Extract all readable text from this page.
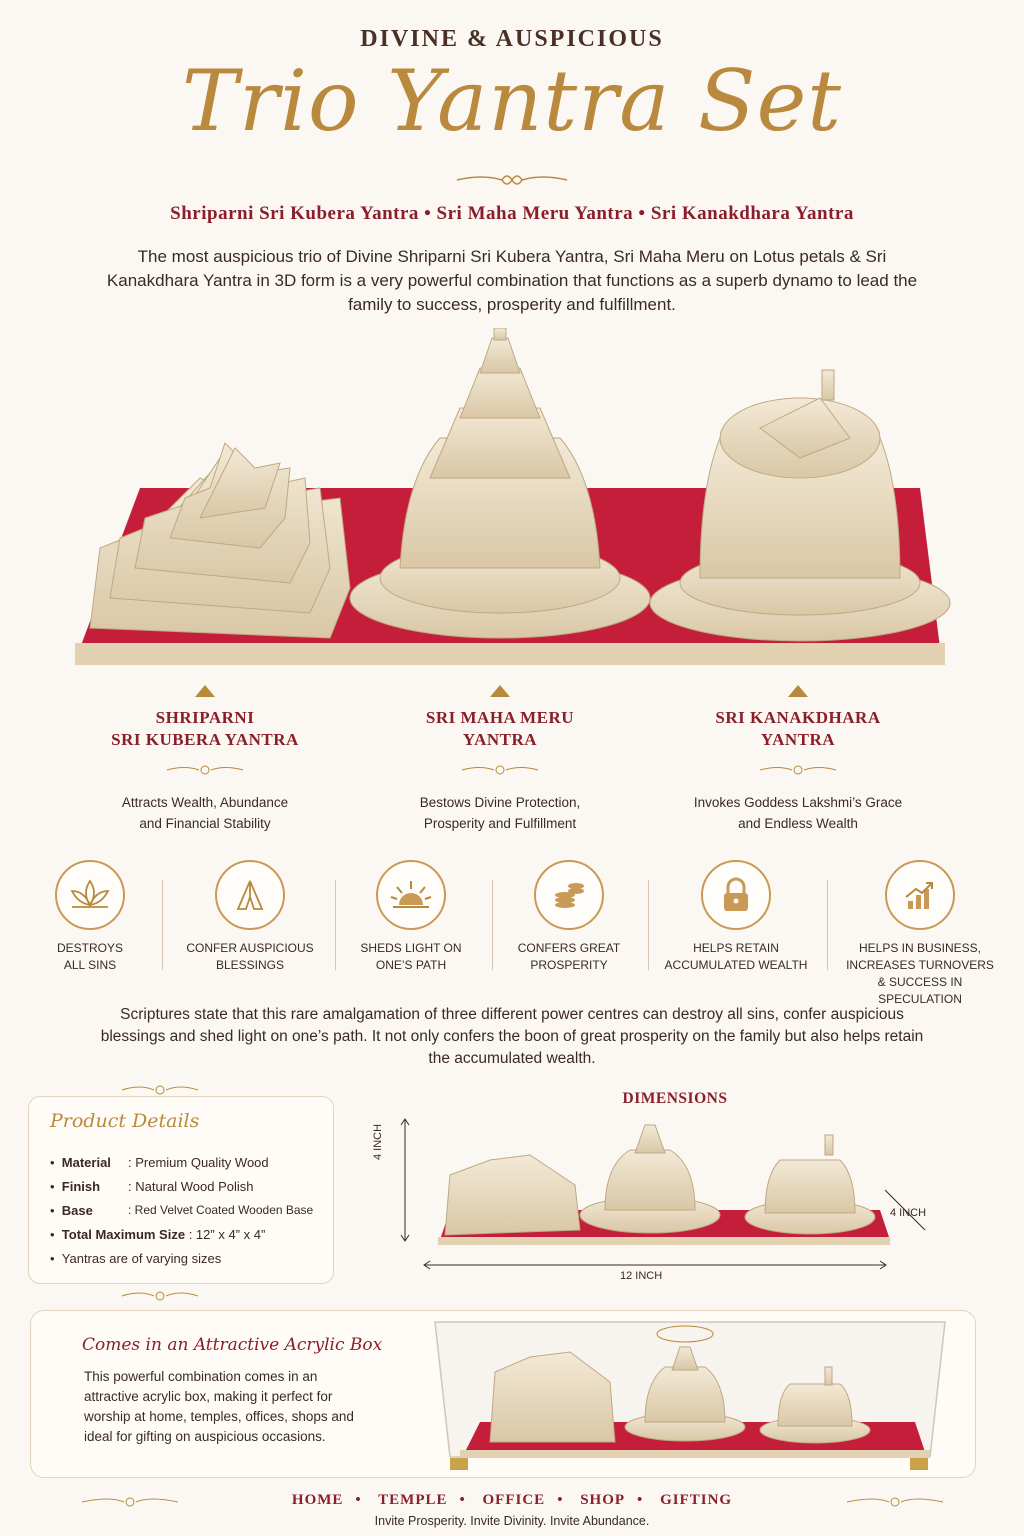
DIVINE & AUSPICIOUS
Trio Yantra Set
Shriparni Sri Kubera Yantra • Sri Maha Meru Yantra • Sri Kanakdhara Yantra
The most auspicious trio of Divine Shriparni Sri Kubera Yantra, Sri Maha Meru on Lotus petals & Sri Kanakdhara Yantra in 3D form is a very powerful combination that functions as a superb dynamo to lead the family to success, prosperity and fulfillment.
SHRIPARNI
SRI KUBERA YANTRA
Attracts Wealth, Abundance
and Financial Stability
SRI MAHA MERU
YANTRA
Bestows Divine Protection,
Prosperity and Fulfillment
SRI KANAKDHARA
YANTRA
Invokes Goddess Lakshmi’s Grace
and Endless Wealth
DESTROYS
ALL SINS
CONFER AUSPICIOUS
BLESSINGS
SHEDS LIGHT ON
ONE’S PATH
CONFERS GREAT
PROSPERITY
HELPS RETAIN
ACCUMULATED WEALTH
HELPS IN BUSINESS,
INCREASES TURNOVERS
& SUCCESS IN
SPECULATION
Scriptures state that this rare amalgamation of three different power centres can destroy all sins, confer auspicious blessings and shed light on one’s path. It not only confers the boon of great prosperity on the family but also helps retain the accumulated wealth.
Product Details
•  Material : Premium Quality Wood
•  Finish : Natural Wood Polish
•  Base	: Red Velvet Coated Wooden Base
•  Total Maximum Size : 12” x 4” x 4”
•  Yantras are of varying sizes
DIMENSIONS
4 INCH
4 INCH
12 INCH
Comes in an Attractive Acrylic Box
This powerful combination comes in an attractive acrylic box, making it perfect for worship at home, temples, offices, shops and ideal for gifting on auspicious occasions.
HOME • TEMPLE • OFFICE • SHOP • GIFTING
Invite Prosperity. Invite Divinity. Invite Abundance.
